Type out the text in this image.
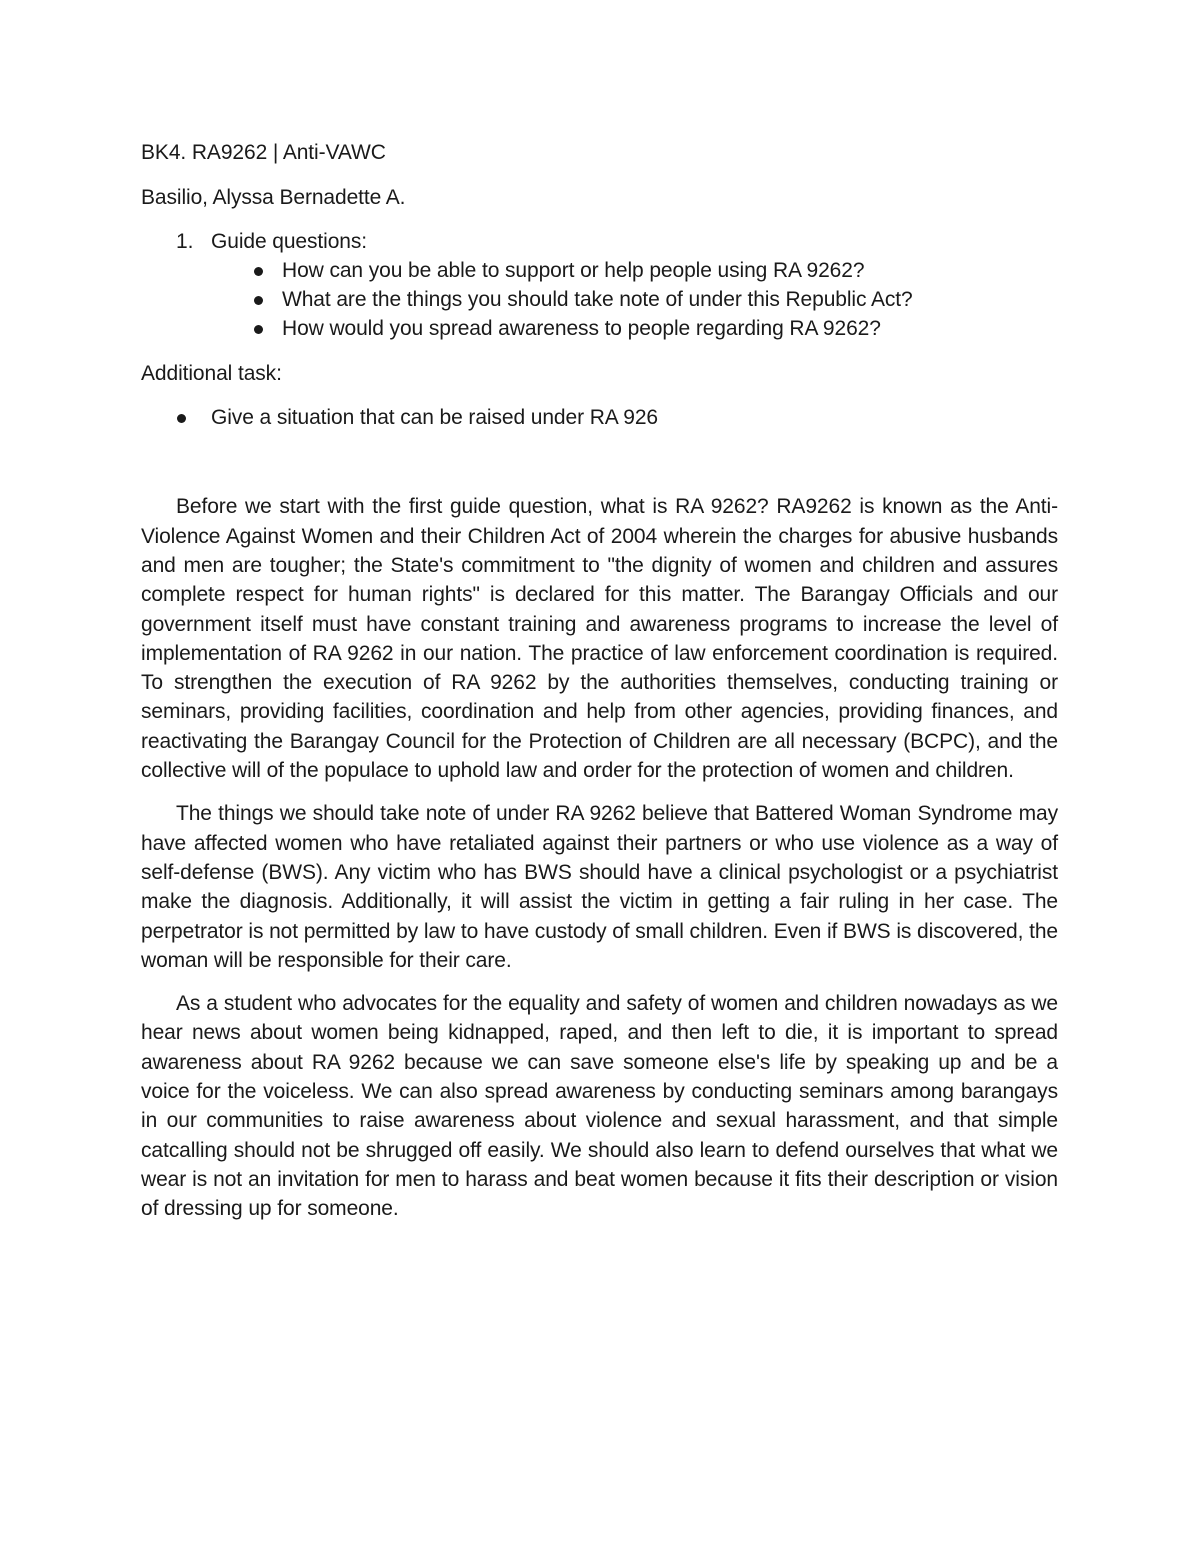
BK4. RA9262 | Anti-VAWC

Basilio, Alyssa Bernadette A.

1. Guide questions:

How can you be able to support or help people using RA 9262?
What are the things you should take note of under this Republic Act?
How would you spread awareness to people regarding RA 9262?

Additional task:

Give a situation that can be raised under RA 926

Before we start with the first guide question, what is RA 9262? RA9262 is known as the Anti-Violence Against Women and their Children Act of 2004 wherein the charges for abusive husbands and men are tougher; the State's commitment to "the dignity of women and children and assures complete respect for human rights" is declared for this matter. The Barangay Officials and our government itself must have constant training and awareness programs to increase the level of implementation of RA 9262 in our nation. The practice of law enforcement coordination is required. To strengthen the execution of RA 9262 by the authorities themselves, conducting training or seminars, providing facilities, coordination and help from other agencies, providing finances, and reactivating the Barangay Council for the Protection of Children are all necessary (BCPC), and the collective will of the populace to uphold law and order for the protection of women and children.

The things we should take note of under RA 9262 believe that Battered Woman Syndrome may have affected women who have retaliated against their partners or who use violence as a way of self-defense (BWS). Any victim who has BWS should have a clinical psychologist or a psychiatrist make the diagnosis. Additionally, it will assist the victim in getting a fair ruling in her case. The perpetrator is not permitted by law to have custody of small children. Even if BWS is discovered, the woman will be responsible for their care.

As a student who advocates for the equality and safety of women and children nowadays as we hear news about women being kidnapped, raped, and then left to die, it is important to spread awareness about RA 9262 because we can save someone else's life by speaking up and be a voice for the voiceless. We can also spread awareness by conducting seminars among barangays in our communities to raise awareness about violence and sexual harassment, and that simple catcalling should not be shrugged off easily. We should also learn to defend ourselves that what we wear is not an invitation for men to harass and beat women because it fits their description or vision of dressing up for someone.
